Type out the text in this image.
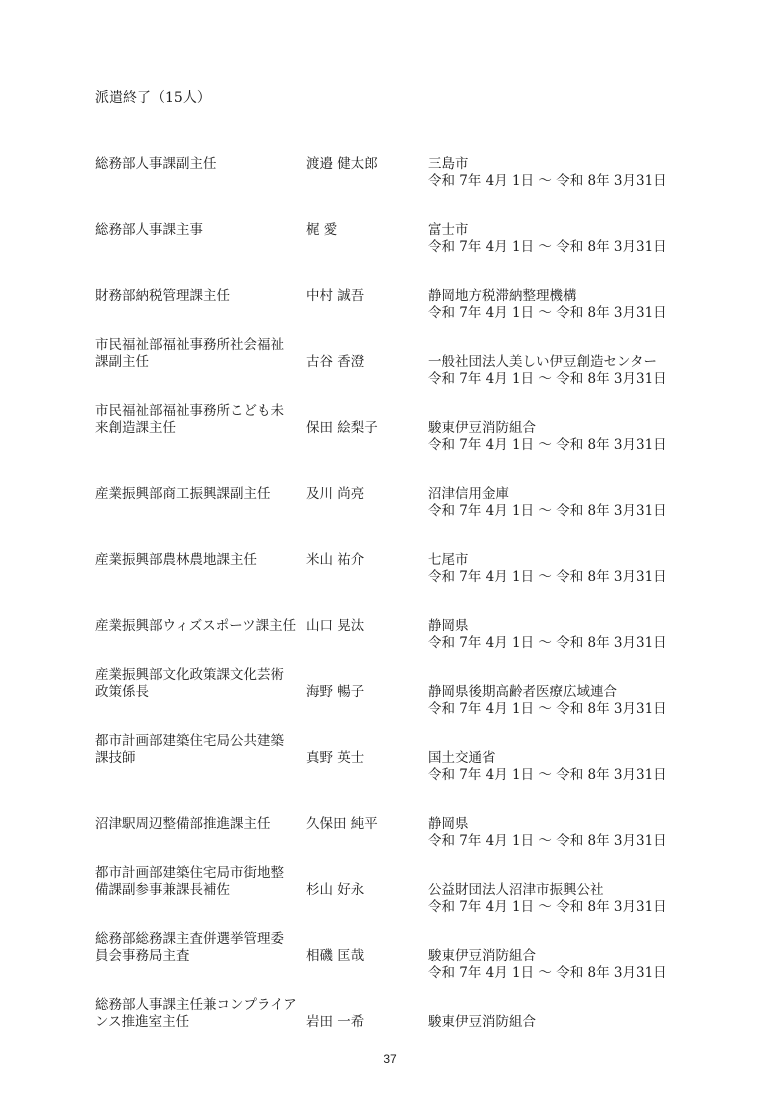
派遣終了（15人）
総務部人事課副主任	渡邉 健太郎	三島市
令和 7年 4月 1日 ～ 令和 8年 3月31日
総務部人事課主事	梶 愛	富士市
令和 7年 4月 1日 ～ 令和 8年 3月31日
財務部納税管理課主任	中村 誠吾	静岡地方税滞納整理機構
令和 7年 4月 1日 ～ 令和 8年 3月31日
市民福祉部福祉事務所社会福祉
課副主任	古谷 香澄	一般社団法人美しい伊豆創造センター
令和 7年 4月 1日 ～ 令和 8年 3月31日
市民福祉部福祉事務所こども未
来創造課主任	保田 絵梨子	駿東伊豆消防組合
令和 7年 4月 1日 ～ 令和 8年 3月31日
産業振興部商工振興課副主任	及川 尚亮	沼津信用金庫
令和 7年 4月 1日 ～ 令和 8年 3月31日
産業振興部農林農地課主任	米山 祐介	七尾市
令和 7年 4月 1日 ～ 令和 8年 3月31日
産業振興部ウィズスポーツ課主任 山口 晃汰	静岡県
令和 7年 4月 1日 ～ 令和 8年 3月31日
産業振興部文化政策課文化芸術
政策係長	海野 暢子	静岡県後期高齢者医療広域連合
令和 7年 4月 1日 ～ 令和 8年 3月31日
都市計画部建築住宅局公共建築
課技師	真野 英士	国土交通省
令和 7年 4月 1日 ～ 令和 8年 3月31日
沼津駅周辺整備部推進課主任	久保田 純平	静岡県
令和 7年 4月 1日 ～ 令和 8年 3月31日
都市計画部建築住宅局市街地整
備課副参事兼課長補佐	杉山 好永	公益財団法人沼津市振興公社
令和 7年 4月 1日 ～ 令和 8年 3月31日
総務部総務課主査併選挙管理委
員会事務局主査	相磯 匡哉	駿東伊豆消防組合
令和 7年 4月 1日 ～ 令和 8年 3月31日
総務部人事課主任兼コンプライア
ンス推進室主任	岩田 一希	駿東伊豆消防組合
37
